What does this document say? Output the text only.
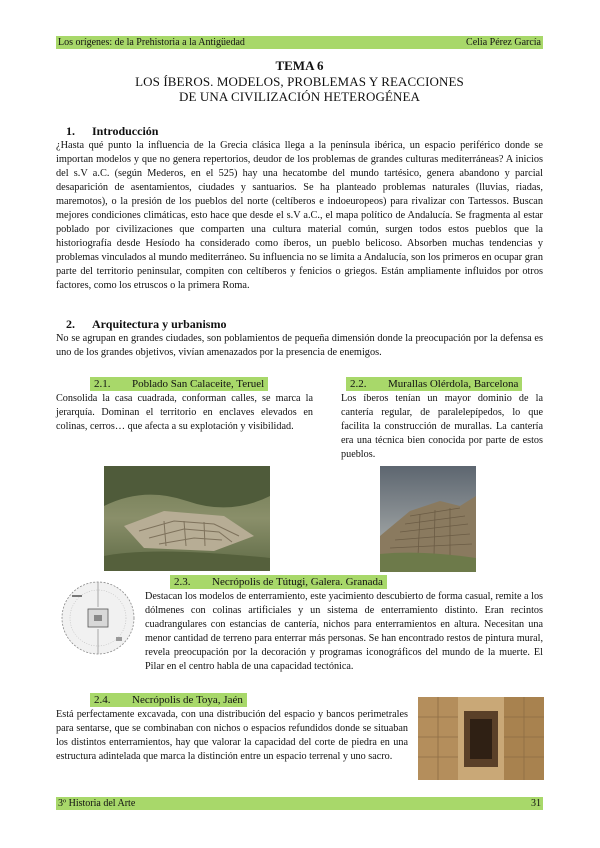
Los orígenes: de la Prehistoria a la Antigüedad	Celia Pérez García
TEMA 6
LOS ÍBEROS. MODELOS, PROBLEMAS Y REACCIONES
DE UNA CIVILIZACIÓN HETEROGÉNEA
1. Introducción

¿Hasta qué punto la influencia de la Grecia clásica llega a la península ibérica, un espacio periférico donde se importan modelos y que no genera repertorios, deudor de los problemas de grandes culturas mediterráneas? A inicios del s.V a.C. (según Mederos, en el 525) hay una hecatombe del mundo tartésico, genera abandono y parcial desaparición de asentamientos, ciudades y santuarios. Se ha planteado problemas naturales (lluvias, riadas, maremotos), o la presión de los pueblos del norte (celtíberos e indoeuropeos) para rivalizar con Tartessos. Buscan mejores condiciones climáticas, esto hace que desde el s.V a.C., el mapa político de Andalucía. Se fragmenta al estar poblado por civilizaciones que comparten una cultura material común, surgen todos estos pueblos que la historiografía desde Hesíodo ha considerado como íberos, un pueblo belicoso. Absorben muchas tendencias y problemas vinculados al mundo mediterráneo. Su influencia no se limita a Andalucía, son los primeros en ocupar gran parte del territorio peninsular, compiten con celtíberos y fenicios o griegos. Están ampliamente influidos por otros factores, como los etruscos o la primera Roma.

2. Arquitectura y urbanismo

No se agrupan en grandes ciudades, son poblamientos de pequeña dimensión donde la preocupación por la defensa es uno de los grandes objetivos, vivían amenazados por la presencia de enemigos.

2.1. Poblado San Calaceite, Teruel

Consolida la casa cuadrada, conforman calles, se marca la jerarquía. Dominan el territorio en enclaves elevados en colinas, cerros… que afecta a su explotación y visibilidad.

2.2. Murallas Olérdola, Barcelona

Los íberos tenían un mayor dominio de la cantería regular, de paralelepípedos, lo que facilita la construcción de murallas. La cantería era una técnica bien conocida por parte de estos pueblos.

2.3. Necrópolis de Tútugi, Galera. Granada

Destacan los modelos de enterramiento, este yacimiento descubierto de forma casual, remite a los dólmenes con colinas artificiales y un sistema de enterramiento distinto. Eran recintos cuadrangulares con estancias de cantería, nichos para enterramientos en altura. Necesitan una menor cantidad de terreno para enterrar más personas. Se han encontrado restos de pintura mural, revela preocupación por la decoración y programas iconográficos del mundo de la muerte. El Pilar en el centro habla de una capacidad tectónica.

2.4. Necrópolis de Toya, Jaén

Está perfectamente excavada, con una distribución del espacio y bancos perimetrales para sentarse, que se combinaban con nichos o espacios refundidos donde se situaban los distintos enterramientos, hay que valorar la capacidad del corte de piedra en una estructura adintelada que marca la distinción entre un espacio terrenal y uno sacro.

3º Historia del Arte	31
